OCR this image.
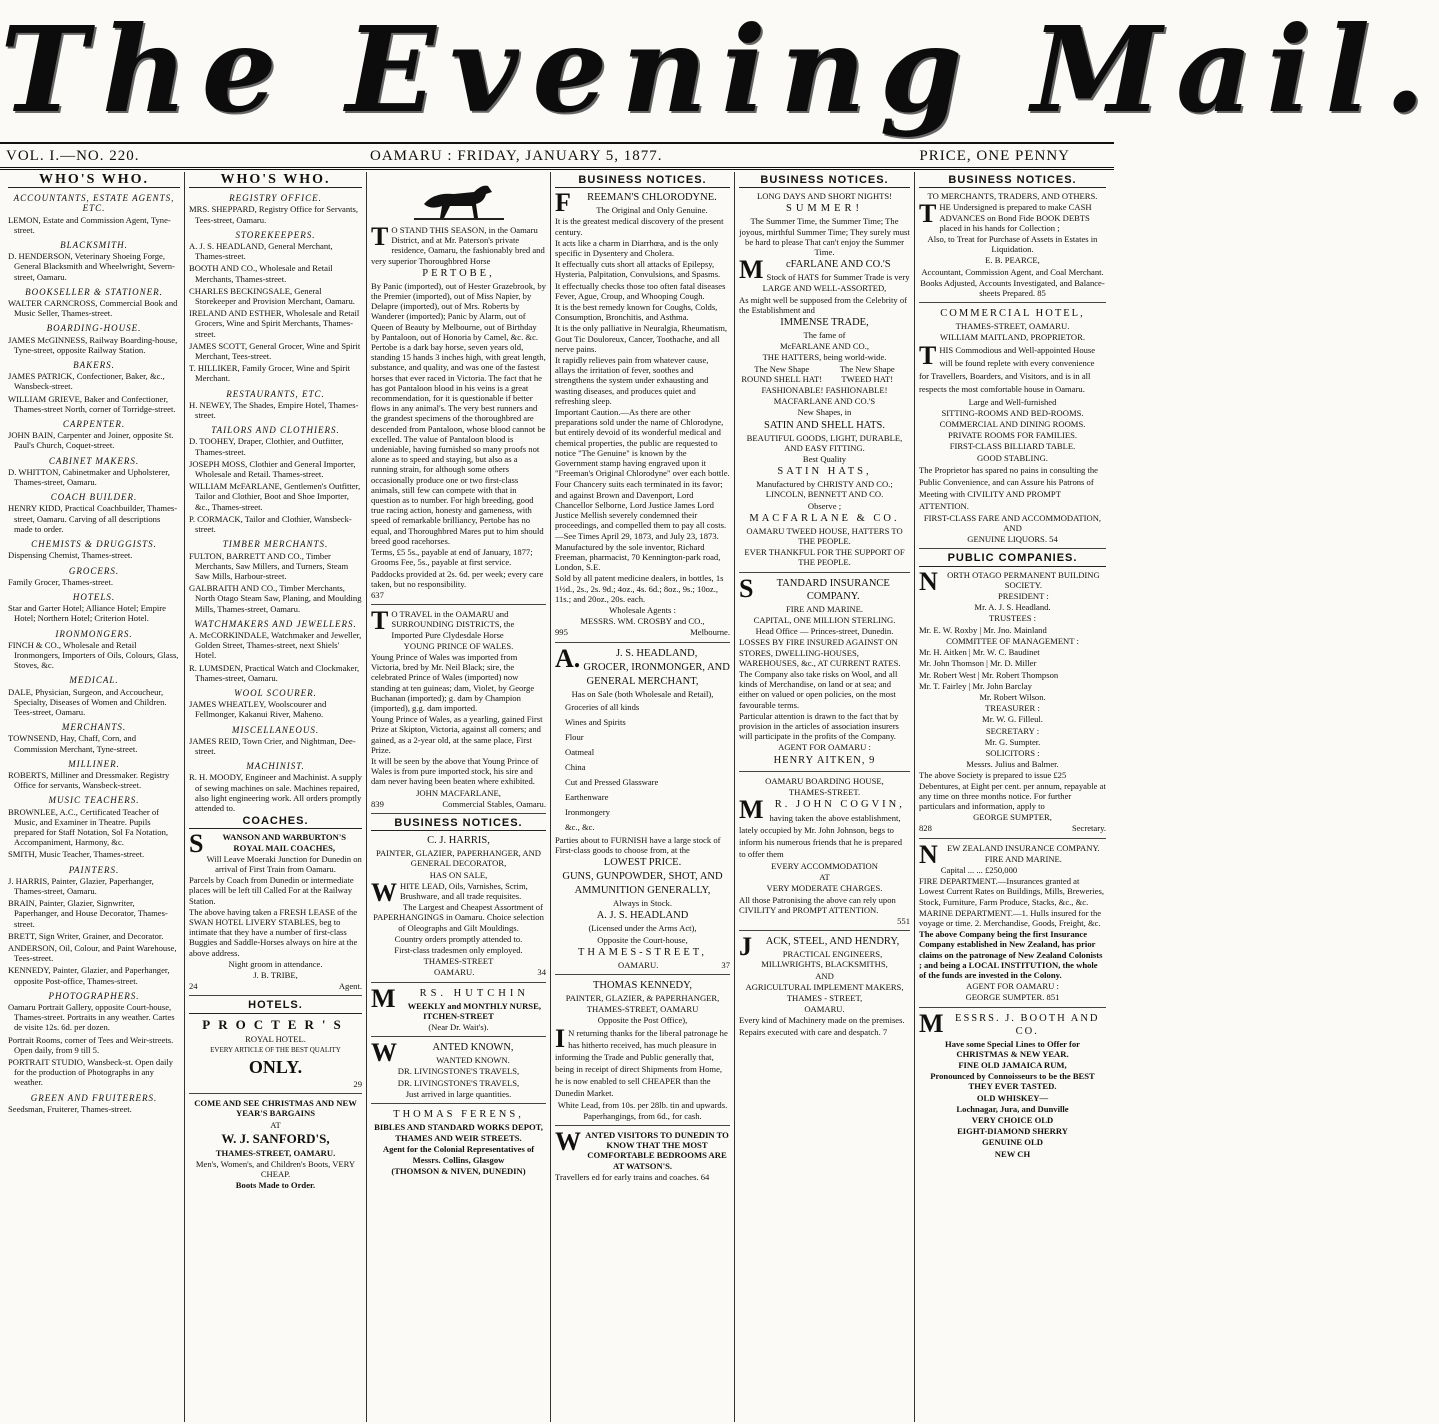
The Evening Mail.
VOL. I.—NO. 220.	OAMARU : FRIDAY, JANUARY 5, 1877.	PRICE, ONE PENNY
WHO'S WHO.
ACCOUNTANTS, ESTATE AGENTS, ETC.
LEMON, Estate and Commission Agent, Tyne-street.
BLACKSMITH.
D. HENDERSON, Veterinary Shoeing Forge, General Blacksmith and Wheelwright, Severn-street, Oamaru.
BOOKSELLER & STATIONER.
WALTER CARNCROSS, Commercial Book and Music Seller, Thames-street.
BOARDING-HOUSE.
JAMES McGINNESS, Railway Boarding-house, Tyne-street, opposite Railway Station.
BAKERS.
JAMES PATRICK, Confectioner, Baker, &c., Wansbeck-street.
WILLIAM GRIEVE, Baker and Confectioner, Thames-street North, corner of Torridge-street.
CARPENTER.
JOHN BAIN, Carpenter and Joiner, opposite St. Paul's Church, Coquet-street.
CABINET MAKERS.
D. WHITTON, Cabinetmaker and Upholsterer, Thames-street, Oamaru.
COACH BUILDER.
HENRY KIDD, Practical Coachbuilder, Thames-street, Oamaru. Carving of all descriptions made to order.
CHEMISTS & DRUGGISTS.
Dispensing Chemist, Thames-street.
GROCERS.
Family Grocer, Thames-street.
HOTELS.
Star and Garter Hotel; Alliance Hotel; Empire Hotel; Northern Hotel; Criterion Hotel.
IRONMONGERS.
FINCH & CO., Wholesale and Retail Ironmongers, Importers of Oils, Colours, Glass, Stoves, &c.
MEDICAL.
DALE, Physician, Surgeon, and Accoucheur, Specialty, Diseases of Women and Children. Tees-street, Oamaru.
MERCHANTS.
TOWNSEND, Hay, Chaff, Corn, and Commission Merchant, Tyne-street.
MILLINER.
ROBERTS, Milliner and Dressmaker. Registry Office for servants, Wansbeck-street.
MUSIC TEACHERS.
BROWNLEE, A.C., Certificated Teacher of Music, and Examiner in Theatre. Pupils prepared for Staff Notation, Sol Fa Notation, Accompaniment, Harmony, &c.
SMITH, Music Teacher, Thames-street.
PAINTERS.
J. HARRIS, Painter, Glazier, Paperhanger, Thames-street, Oamaru.
BRAIN, Painter, Glazier, Signwriter, Paperhanger, and House Decorator, Thames-street.
BRETT, Sign Writer, Grainer, and Decorator.
ANDERSON, Oil, Colour, and Paint Warehouse, Tees-street.
KENNEDY, Painter, Glazier, and Paperhanger, opposite Post-office, Thames-street.
PHOTOGRAPHERS.
Oamaru Portrait Gallery, opposite Court-house, Thames-street. Portraits in any weather. Cartes de visite 12s. 6d. per dozen.
Portrait Rooms, corner of Tees and Weir-streets. Open daily, from 9 till 5.
PORTRAIT STUDIO, Wansbeck-st. Open daily for the production of Photographs in any weather.
GREEN AND FRUITERERS.
Seedsman, Fruiterer, Thames-street.
WHO'S WHO.
REGISTRY OFFICE.
MRS. SHEPPARD, Registry Office for Servants, Tees-street, Oamaru.
STOREKEEPERS.
A. J. S. HEADLAND, General Merchant, Thames-street.
BOOTH AND CO., Wholesale and Retail Merchants, Thames-street.
CHARLES BECKINGSALE, General Storekeeper and Provision Merchant, Oamaru.
IRELAND AND ESTHER, Wholesale and Retail Grocers, Wine and Spirit Merchants, Thames-street.
JAMES SCOTT, General Grocer, Wine and Spirit Merchant, Tees-street.
T. HILLIKER, Family Grocer, Wine and Spirit Merchant.
RESTAURANTS, ETC.
H. NEWEY, The Shades, Empire Hotel, Thames-street.
TAILORS AND CLOTHIERS.
D. TOOHEY, Draper, Clothier, and Outfitter, Thames-street.
JOSEPH MOSS, Clothier and General Importer, Wholesale and Retail. Thames-street.
WILLIAM McFARLANE, Gentlemen's Outfitter, Tailor and Clothier, Boot and Shoe Importer, &c., Thames-street.
P. CORMACK, Tailor and Clothier, Wansbeck-street.
TIMBER MERCHANTS.
FULTON, BARRETT AND CO., Timber Merchants, Saw Millers, and Turners, Steam Saw Mills, Harbour-street.
GALBRAITH AND CO., Timber Merchants, North Otago Steam Saw, Planing, and Moulding Mills, Thames-street, Oamaru.
WATCHMAKERS AND JEWELLERS.
A. McCORKINDALE, Watchmaker and Jeweller, Golden Street, Thames-street, next Shiels' Hotel.
R. LUMSDEN, Practical Watch and Clockmaker, Thames-street, Oamaru.
WOOL SCOURER.
JAMES WHEATLEY, Woolscourer and Fellmonger, Kakanui River, Maheno.
MISCELLANEOUS.
JAMES REID, Town Crier, and Nightman, Dee-street.
MACHINIST.
R. H. MOODY, Engineer and Machinist. A supply of sewing machines on sale. Machines repaired, also light engineering work. All orders promptly attended to.
COACHES.

SWANSON AND WARBURTON'S ROYAL MAIL COACHES,

Will Leave Moeraki Junction for Dunedin on arrival of First Train from Oamaru.

Parcels by Coach from Dunedin or intermediate places will be left till Called For at the Railway Station.

The above having taken a FRESH LEASE of the SWAN HOTEL LIVERY STABLES, beg to intimate that they have a number of first-class Buggies and Saddle-Horses always on hire at the above address.

Night groom in attendance.

J. B. TRIBE,

24	Agent.

HOTELS.

PROCTER'S

ROYAL HOTEL.

EVERY ARTICLE OF THE BEST QUALITY

ONLY.

29

COME AND SEE CHRISTMAS AND NEW YEAR'S BARGAINS

AT

W. J. SANFORD'S,

THAMES-STREET, OAMARU.

Men's, Women's, and Children's Boots, VERY CHEAP.

Boots Made to Order.

TO STAND THIS SEASON, in the Oamaru District, and at Mr. Paterson's private residence, Oamaru, the fashionably bred and very superior Thoroughbred Horse

PERTOBE,

By Panic (imported), out of Hester Grazebrook, by the Premier (imported), out of Miss Napier, by Delapre (imported), out of Mrs. Roberts by Wanderer (imported); Panic by Alarm, out of Queen of Beauty by Melbourne, out of Birthday by Pantaloon, out of Honoria by Camel, &c. &c. Pertobe is a dark bay horse, seven years old, standing 15 hands 3 inches high, with great length, substance, and quality, and was one of the fastest horses that ever raced in Victoria. The fact that he has got Pantaloon blood in his veins is a great recommendation, for it is questionable if better flows in any animal's. The very best runners and the grandest specimens of the thoroughbred are descended from Pantaloon, whose blood cannot be excelled. The value of Pantaloon blood is undeniable, having furnished so many proofs not alone as to speed and staying, but also as a running strain, for although some others occasionally produce one or two first-class animals, still few can compete with that in question as to number. For high breeding, good true racing action, honesty and gameness, with speed of remarkable brilliancy, Pertobe has no equal, and Thoroughbred Mares put to him should breed good racehorses.

Terms, £5 5s., payable at end of January, 1877; Grooms Fee, 5s., payable at first service.

Paddocks provided at 2s. 6d. per week; every care taken, but no responsibility.

637

TO TRAVEL in the OAMARU and SURROUNDING DISTRICTS, the Imported Pure Clydesdale Horse

YOUNG PRINCE OF WALES.

Young Prince of Wales was imported from Victoria, bred by Mr. Neil Black; sire, the celebrated Prince of Wales (imported) now standing at ten guineas; dam, Violet, by George Buchanan (imported); g. dam by Champion (imported), g.g. dam imported.

Young Prince of Wales, as a yearling, gained First Prize at Skipton, Victoria, against all comers; and gained, as a 2-year old, at the same place, First Prize.

It will be seen by the above that Young Prince of Wales is from pure imported stock, his sire and dam never having been beaten where exhibited.

JOHN MACFARLANE,

839	Commercial Stables, Oamaru.

BUSINESS NOTICES.

C. J. HARRIS,

PAINTER, GLAZIER, PAPERHANGER, AND GENERAL DECORATOR,

HAS ON SALE,

WHITE LEAD, Oils, Varnishes, Scrim, Brushware, and all trade requisites.

The Largest and Cheapest Assortment of PAPERHANGINGS in Oamaru. Choice selection of Oleographs and Gilt Mouldings.

Country orders promptly attended to.

First-class tradesmen only employed.

THAMES-STREET

OAMARU.	34

MRS. HUTCHIN

WEEKLY and MONTHLY NURSE, ITCHEN-STREET

(Near Dr. Wait's).

WANTED KNOWN,

WANTED KNOWN.

DR. LIVINGSTONE'S TRAVELS,

DR. LIVINGSTONE'S TRAVELS,

Just arrived in large quantities.

THOMAS FERENS,

BIBLES AND STANDARD WORKS DEPOT,

THAMES AND WEIR STREETS.

Agent for the Colonial Representatives of Messrs. Collins, Glasgow

(THOMSON & NIVEN, DUNEDIN)

BUSINESS NOTICES.

FREEMAN'S CHLORODYNE.

The Original and Only Genuine.

It is the greatest medical discovery of the present century.

It acts like a charm in Diarrhœa, and is the only specific in Dysentery and Cholera.

It effectually cuts short all attacks of Epilepsy, Hysteria, Palpitation, Convulsions, and Spasms.

It effectually checks those too often fatal diseases Fever, Ague, Croup, and Whooping Cough.

It is the best remedy known for Coughs, Colds, Consumption, Bronchitis, and Asthma.

It is the only palliative in Neuralgia, Rheumatism, Gout Tic Douloreux, Cancer, Toothache, and all nerve pains.

It rapidly relieves pain from whatever cause, allays the irritation of fever, soothes and strengthens the system under exhausting and wasting diseases, and produces quiet and refreshing sleep.

Important Caution.—As there are other preparations sold under the name of Chlorodyne, but entirely devoid of its wonderful medical and chemical properties, the public are requested to notice "The Genuine" is known by the Government stamp having engraved upon it "Freeman's Original Chlorodyne" over each bottle.

Four Chancery suits each terminated in its favor; and against Brown and Davenport, Lord Chancellor Selborne, Lord Justice James Lord Justice Mellish severely condemned their proceedings, and compelled them to pay all costs.—See Times April 29, 1873, and July 23, 1873.

Manufactured by the sole inventor, Richard Freeman, pharmacist, 70 Kennington-park road, London, S.E.

Sold by all patent medicine dealers, in bottles, 1s 1½d., 2s., 2s. 9d.; 4oz., 4s. 6d.; 8oz., 9s.; 10oz., 11s.; and 20oz., 20s. each.

Wholesale Agents :

MESSRS. WM. CROSBY and CO.,

995	Melbourne.

A.J. S. HEADLAND,

GROCER, IRONMONGER, AND

GENERAL MERCHANT,

Has on Sale (both Wholesale and Retail),

Groceries of all kinds

Wines and Spirits

Flour

Oatmeal

China

Cut and Pressed Glassware

Earthenware

Ironmongery

&c., &c.

Parties about to FURNISH have a large stock of First-class goods to choose from, at the

LOWEST PRICE.

GUNS, GUNPOWDER, SHOT, AND

AMMUNITION GENERALLY,

Always in Stock.

A. J. S. HEADLAND

(Licensed under the Arms Act),

Opposite the Court-house,

THAMES-STREET,

OAMARU.	37

THOMAS KENNEDY,

PAINTER, GLAZIER, & PAPERHANGER,

THAMES-STREET, OAMARU

Opposite the Post Office),

IN returning thanks for the liberal patronage he has hitherto received, has much pleasure in informing the Trade and Public generally that, being in receipt of direct Shipments from Home, he is now enabled to sell CHEAPER than the Dunedin Market.

White Lead, from 10s. per 28lb. tin and upwards.

Paperhangings, from 6d., for cash.

WANTED VISITORS TO DUNEDIN TO KNOW THAT THE MOST COMFORTABLE BEDROOMS ARE AT WATSON'S.

Travellers ed for early trains and coaches. 64

BUSINESS NOTICES.

LONG DAYS AND SHORT NIGHTS!

SUMMER!

The Summer Time, the Summer Time; The joyous, mirthful Summer Time; They surely must be hard to please That can't enjoy the Summer Time.

McFARLANE AND CO.'S

Stock of HATS for Summer Trade is very

LARGE AND WELL-ASSORTED,

As might well be supposed from the Celebrity of the Establishment and

IMMENSE TRADE,

The fame of

McFARLANE AND CO.,

THE HATTERS, being world-wide.

The New Shape ROUND SHELL HAT!
The New Shape TWEED HAT!

FASHIONABLE! FASHIONABLE!

MACFARLANE AND CO.'S

New Shapes, in

SATIN AND SHELL HATS.

BEAUTIFUL GOODS, LIGHT, DURABLE, AND EASY FITTING.

Best Quality

SATIN HATS,

Manufactured by CHRISTY AND CO.; LINCOLN, BENNETT AND CO.

Observe ;

MACFARLANE & CO.

OAMARU TWEED HOUSE, HATTERS TO THE PEOPLE.

EVER THANKFUL FOR THE SUPPORT OF THE PEOPLE.

STANDARD INSURANCE COMPANY.

FIRE AND MARINE.

CAPITAL, ONE MILLION STERLING.

Head Office — Princes-street, Dunedin.

LOSSES BY FIRE INSURED AGAINST ON STORES, DWELLING-HOUSES, WAREHOUSES, &c., AT CURRENT RATES.

The Company also take risks on Wool, and all kinds of Merchandise, on land or at sea; and either on valued or open policies, on the most favourable terms.

Particular attention is drawn to the fact that by provision in the articles of association insurers will participate in the profits of the Company.

AGENT FOR OAMARU :

HENRY AITKEN, 9

OAMARU BOARDING HOUSE,

THAMES-STREET.

MR. JOHN COGVIN,

having taken the above establishment, lately occupied by Mr. John Johnson, begs to inform his numerous friends that he is prepared to offer them

EVERY ACCOMMODATION

AT

VERY MODERATE CHARGES.

All those Patronising the above can rely upon CIVILITY and PROMPT ATTENTION.

551

JACK, STEEL, AND HENDRY,

PRACTICAL ENGINEERS, MILLWRIGHTS, BLACKSMITHS,

AND

AGRICULTURAL IMPLEMENT MAKERS,

THAMES - STREET,

OAMARU.

Every kind of Machinery made on the premises.

Repairs executed with care and despatch. 7

BUSINESS NOTICES.

TO MERCHANTS, TRADERS, AND OTHERS.

THE Undersigned is prepared to make CASH ADVANCES on Bond Fide BOOK DEBTS placed in his hands for Collection ;

Also, to Treat for Purchase of Assets in Estates in Liquidation.

E. B. PEARCE,

Accountant, Commission Agent, and Coal Merchant.

Books Adjusted, Accounts Investigated, and Balance-sheets Prepared. 85

COMMERCIAL HOTEL,

THAMES-STREET, OAMARU.

WILLIAM MAITLAND, PROPRIETOR.

THIS Commodious and Well-appointed House will be found replete with every convenience for Travellers, Boarders, and Visitors, and is in all respects the most comfortable house in Oamaru.

Large and Well-furnished

SITTING-ROOMS AND BED-ROOMS.

COMMERCIAL AND DINING ROOMS.

PRIVATE ROOMS FOR FAMILIES.

FIRST-CLASS BILLIARD TABLE.

GOOD STABLING.

The Proprietor has spared no pains in consulting the Public Convenience, and can Assure his Patrons of Meeting with CIVILITY AND PROMPT ATTENTION.

FIRST-CLASS FARE AND ACCOMMODATION, AND

GENUINE LIQUORS. 54

PUBLIC COMPANIES.

NORTH OTAGO PERMANENT BUILDING SOCIETY.

PRESIDENT :

Mr. A. J. S. Headland.

TRUSTEES :

Mr. E. W. Roxby | Mr. Jno. Mainland

COMMITTEE OF MANAGEMENT :

Mr. H. Aitken | Mr. W. C. Baudinet

Mr. John Thomson | Mr. D. Miller

Mr. Robert West | Mr. Robert Thompson

Mr. T. Fairley | Mr. John Barclay

Mr. Robert Wilson.

TREASURER :

Mr. W. G. Filleul.

SECRETARY :

Mr. G. Sumpter.

SOLICITORS :

Messrs. Julius and Balmer.

The above Society is prepared to issue £25 Debentures, at Eight per cent. per annum, repayable at any time on three months notice. For further particulars and information, apply to

GEORGE SUMPTER,

828	Secretary.

NEW ZEALAND INSURANCE COMPANY.

FIRE AND MARINE.

Capital ... ... £250,000

FIRE DEPARTMENT.—Insurances granted at Lowest Current Rates on Buildings, Mills, Breweries, Stock, Furniture, Farm Produce, Stacks, &c., &c.

MARINE DEPARTMENT.—1. Hulls insured for the voyage or time. 2. Merchandise, Goods, Freight, &c.

The above Company being the first Insurance Company established in New Zealand, has prior claims on the patronage of New Zealand Colonists ; and being a LOCAL INSTITUTION, the whole of the funds are invested in the Colony.

AGENT FOR OAMARU :

GEORGE SUMPTER. 851

MESSRS. J. BOOTH AND CO.

Have some Special Lines to Offer for CHRISTMAS & NEW YEAR.

FINE OLD JAMAICA RUM,

Pronounced by Connoisseurs to be the BEST THEY EVER TASTED.

OLD WHISKEY—

Lochnagar, Jura, and Dunville

VERY CHOICE OLD

EIGHT-DIAMOND SHERRY

GENUINE OLD

NEW CH
